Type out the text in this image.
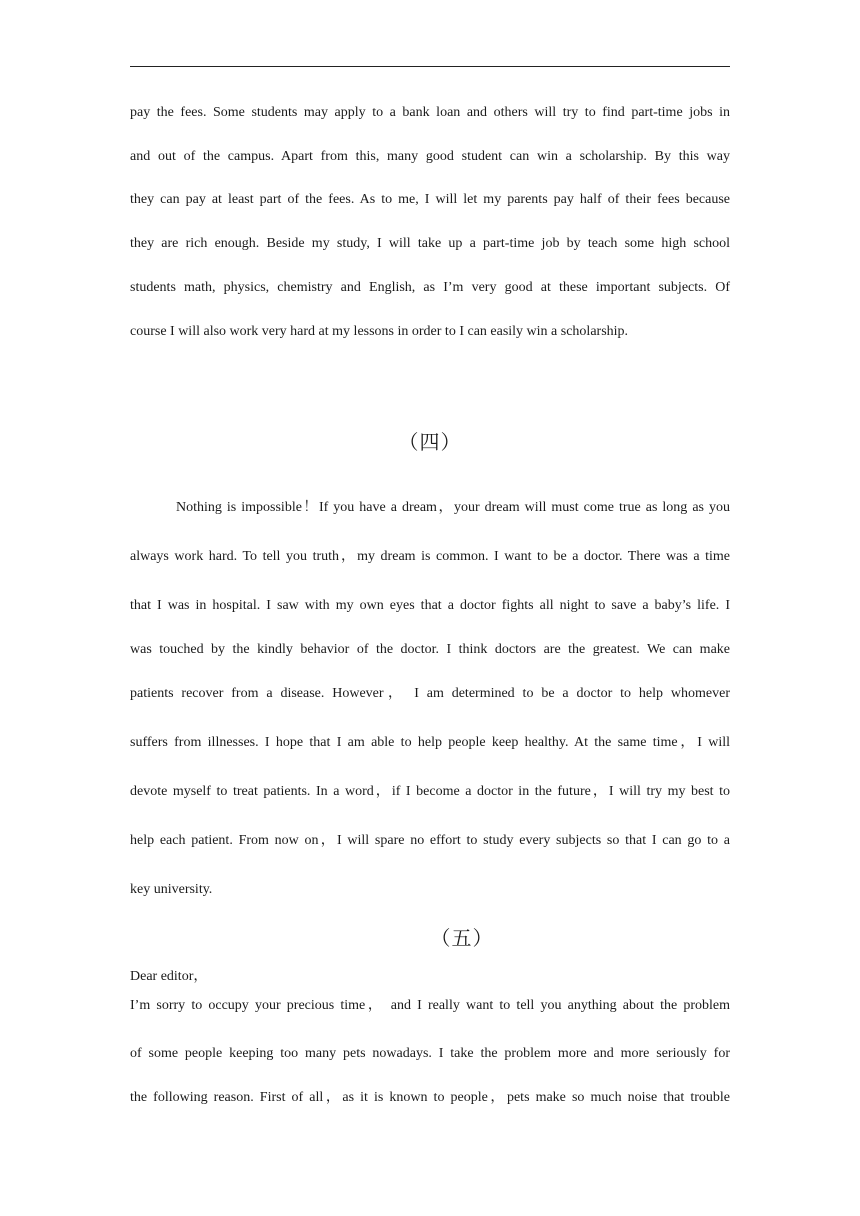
pay the fees. Some students may apply to a bank loan and others will try to find part-time jobs in
and out of the campus. Apart from this, many good student can win a scholarship. By this way
they can pay at least part of the fees. As to me, I will let my parents pay half of their fees because
they are rich enough. Beside my study, I will take up a part-time job by teach some high school
students math, physics, chemistry and English, as I’m very good at these important subjects. Of
course I will also work very hard at my lessons in order to I can easily win a scholarship.
（四）
Nothing is impossible！If you have a dream，your dream will must come true as long as you
always work hard. To tell you truth，my dream is common. I want to be a doctor. There was a time
that I was in hospital. I saw with my own eyes that a doctor fights all night to save a baby’s life. I
was touched by the kindly behavior of the doctor. I think doctors are the greatest. We can make
patients recover from a disease. However， I am determined to be a doctor to help whomever
suffers from illnesses. I hope that I am able to help people keep healthy. At the same time，I will
devote myself to treat patients. In a word，if I become a doctor in the future，I will try my best to
help each patient. From now on，I will spare no effort to study every subjects so that I can go to a
key university.
（五）
Dear editor，
I’m sorry to occupy your precious time， and I really want to tell you anything about the problem
of some people keeping too many pets nowadays. I take the problem more and more seriously for
the following reason. First of all，as it is known to people，pets make so much noise that trouble
